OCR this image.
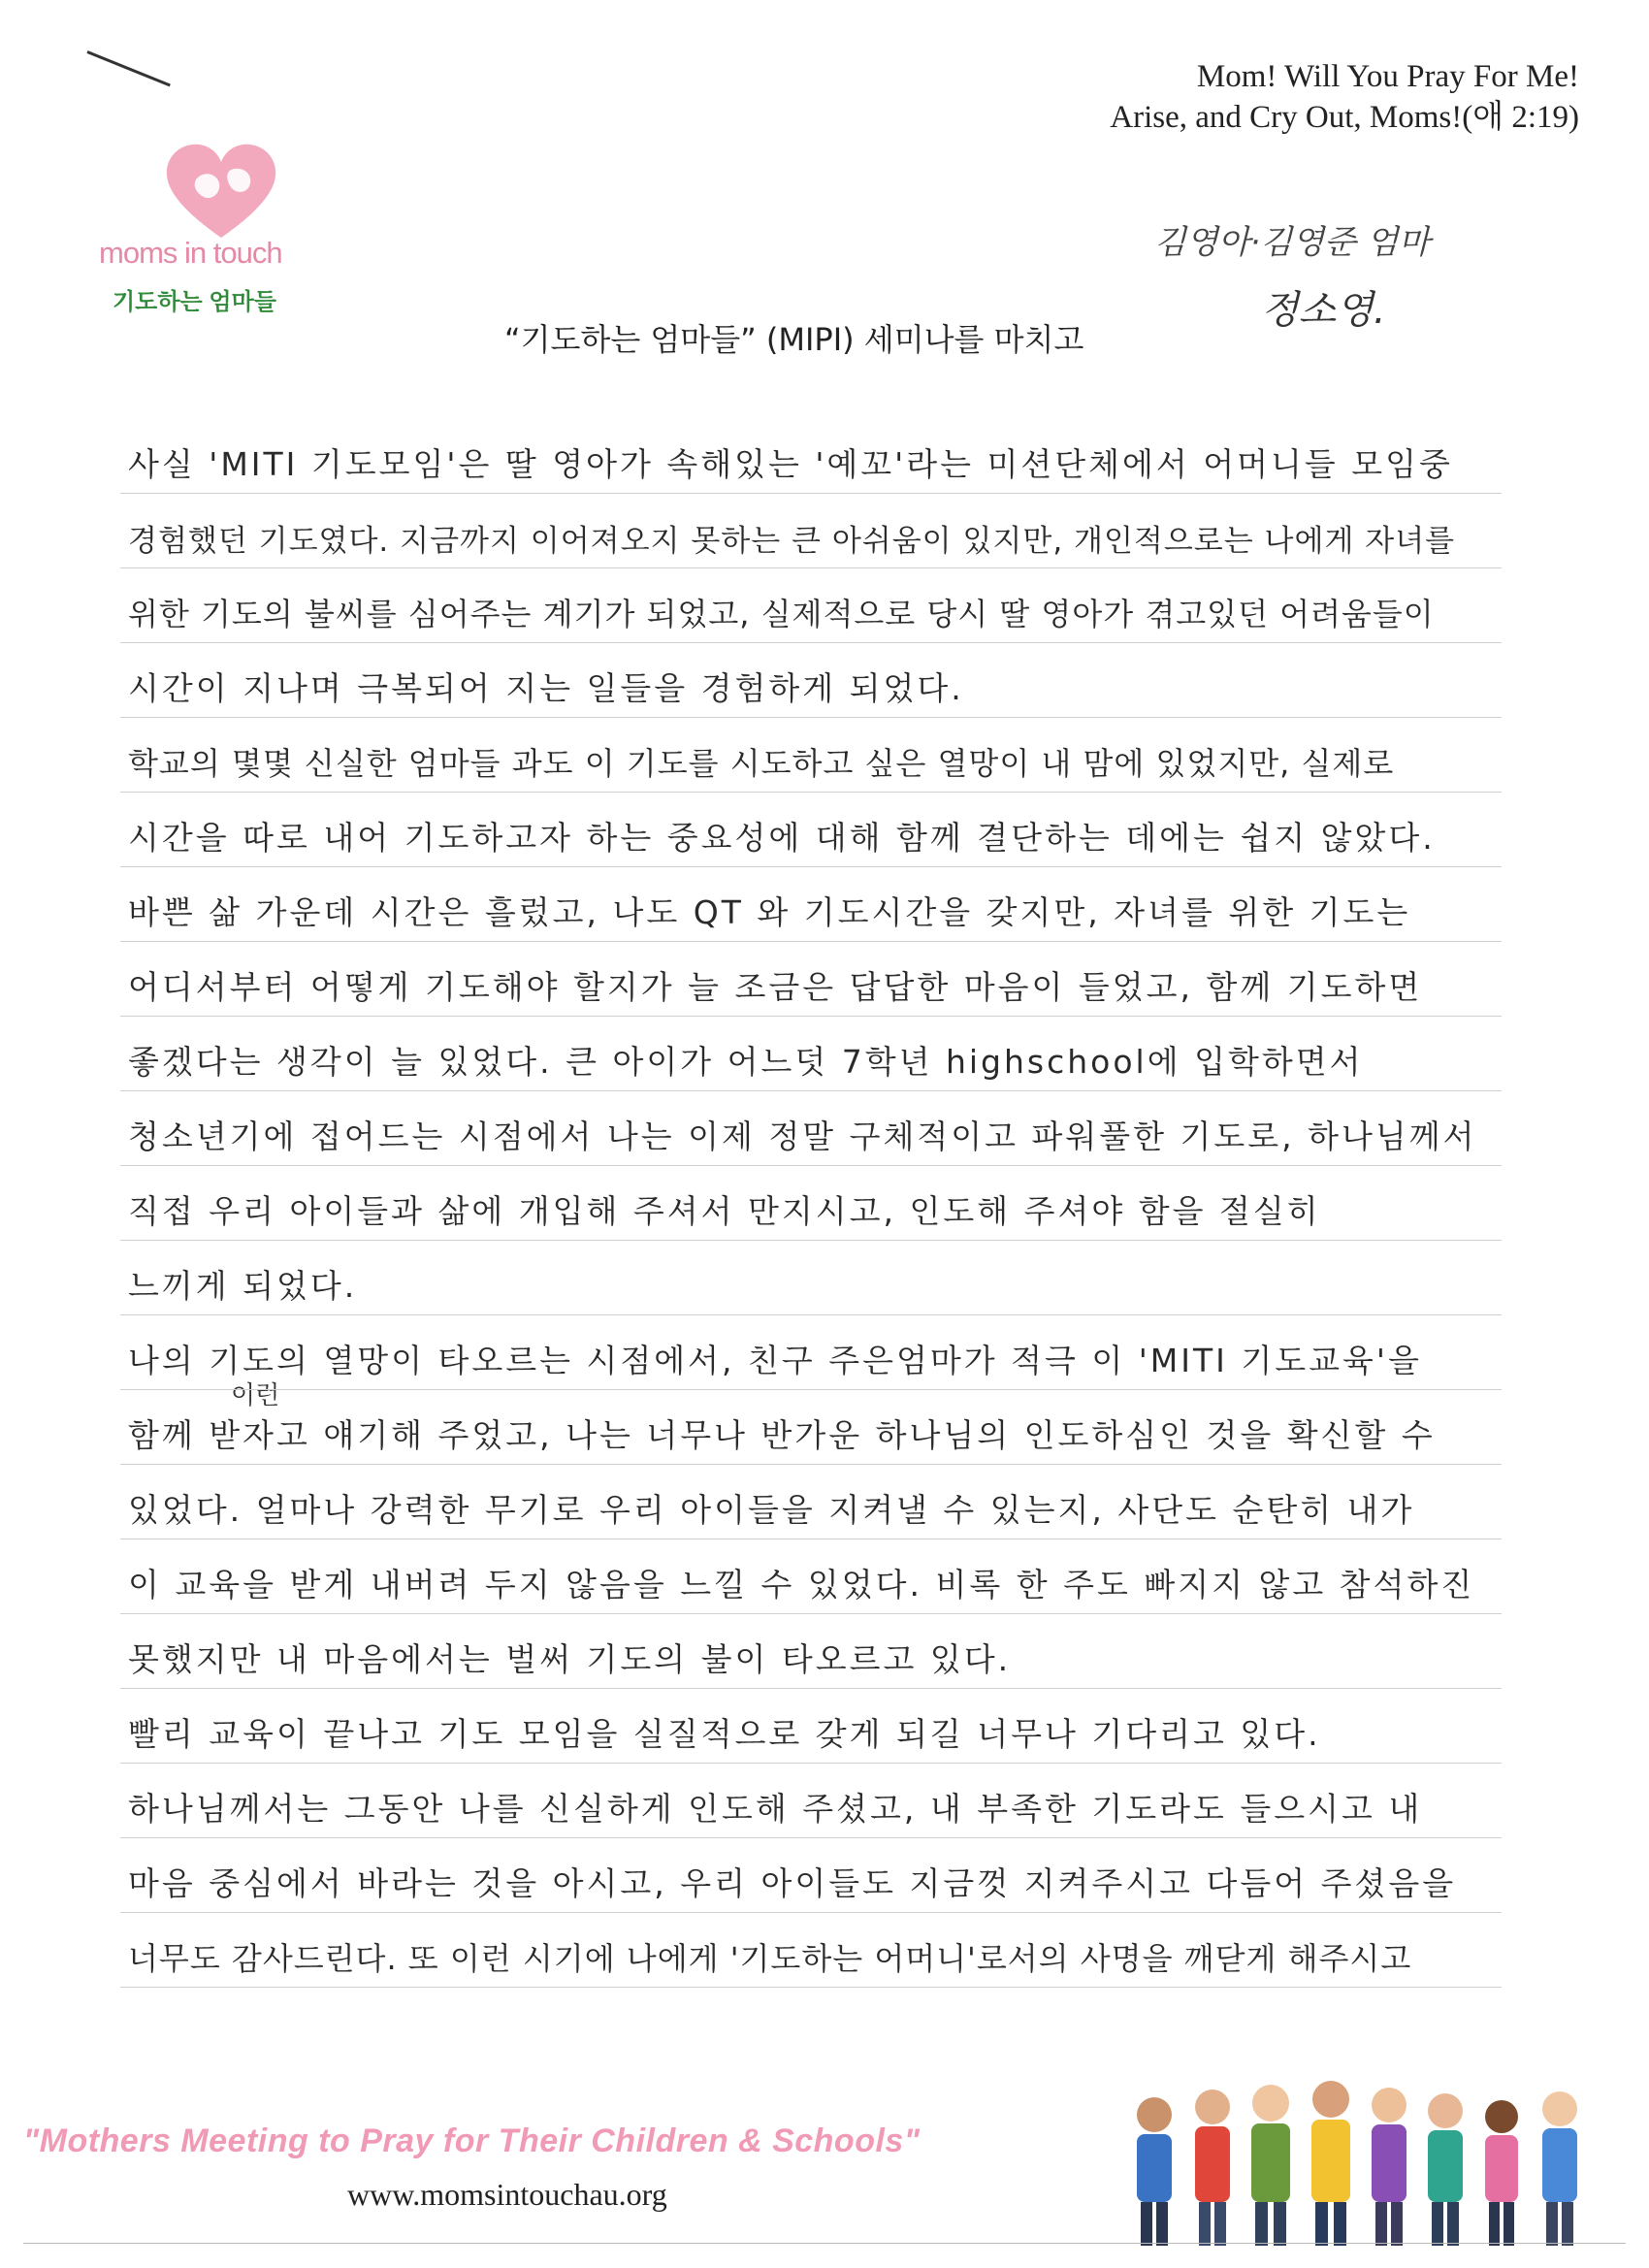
Mom! Will You Pray For Me!
Arise, and Cry Out, Moms!(애 2:19)
moms in touch
기도하는 엄마들
김영아·김영준 엄마
정소영.
“기도하는 엄마들” (MIPI) 세미나를 마치고
이런
사실 'MITI 기도모임'은 딸 영아가 속해있는 '예꼬'라는 미션단체에서 어머니들 모임중
경험했던 기도였다. 지금까지 이어져오지 못하는 큰 아쉬움이 있지만, 개인적으로는 나에게 자녀를
위한 기도의 불씨를 심어주는 계기가 되었고, 실제적으로 당시 딸 영아가 겪고있던 어려움들이
시간이 지나며 극복되어 지는 일들을 경험하게 되었다.
학교의 몇몇 신실한 엄마들 과도 이 기도를 시도하고 싶은 열망이 내 맘에 있었지만, 실제로
시간을 따로 내어 기도하고자 하는 중요성에 대해 함께 결단하는 데에는 쉽지 않았다.
바쁜 삶 가운데 시간은 흘렀고, 나도 QT 와 기도시간을 갖지만, 자녀를 위한 기도는
어디서부터 어떻게 기도해야 할지가 늘 조금은 답답한 마음이 들었고, 함께 기도하면
좋겠다는 생각이 늘 있었다. 큰 아이가 어느덧 7학년 highschool에 입학하면서
청소년기에 접어드는 시점에서 나는 이제 정말 구체적이고 파워풀한 기도로, 하나님께서
직접 우리 아이들과 삶에 개입해 주셔서 만지시고, 인도해 주셔야 함을 절실히
느끼게 되었다.
나의 기도의 열망이 타오르는 시점에서, 친구 주은엄마가 적극 이 'MITI 기도교육'을
함께 받자고 얘기해 주었고, 나는 너무나 반가운 하나님의 인도하심인 것을 확신할 수
있었다. 얼마나 강력한 무기로 우리 아이들을 지켜낼 수 있는지, 사단도 순탄히 내가
이 교육을 받게 내버려 두지 않음을 느낄 수 있었다. 비록 한 주도 빠지지 않고 참석하진
못했지만 내 마음에서는 벌써 기도의 불이 타오르고 있다.
빨리 교육이 끝나고 기도 모임을 실질적으로 갖게 되길 너무나 기다리고 있다.
하나님께서는 그동안 나를 신실하게 인도해 주셨고, 내 부족한 기도라도 들으시고 내
마음 중심에서 바라는 것을 아시고, 우리 아이들도 지금껏 지켜주시고 다듬어 주셨음을
너무도 감사드린다. 또 이런 시기에 나에게 '기도하는 어머니'로서의 사명을 깨닫게 해주시고
"Mothers Meeting to Pray for Their Children & Schools"
www.momsintouchau.org
